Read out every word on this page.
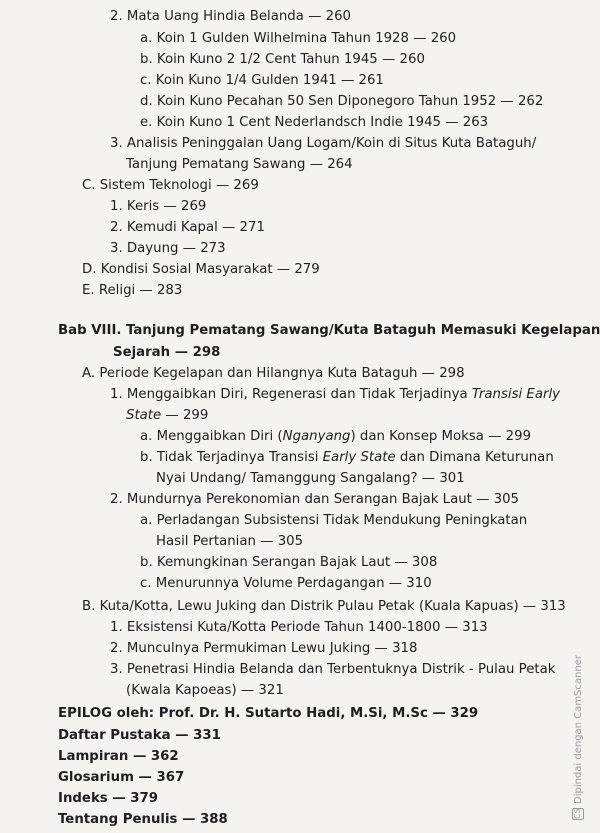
2. Mata Uang Hindia Belanda — 260
a. Koin 1 Gulden Wilhelmina Tahun 1928 — 260
b. Koin Kuno 2 1/2 Cent Tahun 1945 — 260
c. Koin Kuno 1/4 Gulden 1941 — 261
d. Koin Kuno Pecahan 50 Sen Diponegoro Tahun 1952 — 262
e. Koin Kuno 1 Cent Nederlandsch Indie 1945 — 263
3. Analisis Peninggalan Uang Logam/Koin di Situs Kuta Bataguh/
Tanjung Pematang Sawang — 264
C. Sistem Teknologi — 269
1. Keris — 269
2. Kemudi Kapal — 271
3. Dayung — 273
D. Kondisi Sosial Masyarakat — 279
E. Religi — 283
Bab VIII. Tanjung Pematang Sawang/Kuta Bataguh Memasuki Kegelapan
Sejarah — 298
A. Periode Kegelapan dan Hilangnya Kuta Bataguh — 298
1. Menggaibkan Diri, Regenerasi dan Tidak Terjadinya Transisi Early
State — 299
a. Menggaibkan Diri (Nganyang) dan Konsep Moksa — 299
b. Tidak Terjadinya Transisi Early State dan Dimana Keturunan
Nyai Undang/ Tamanggung Sangalang? — 301
2. Mundurnya Perekonomian dan Serangan Bajak Laut — 305
a. Perladangan Subsistensi Tidak Mendukung Peningkatan
Hasil Pertanian — 305
b. Kemungkinan Serangan Bajak Laut — 308
c. Menurunnya Volume Perdagangan — 310
B. Kuta/Kotta, Lewu Juking dan Distrik Pulau Petak (Kuala Kapuas) — 313
1. Eksistensi Kuta/Kotta Periode Tahun 1400-1800 — 313
2. Munculnya Permukiman Lewu Juking — 318
3. Penetrasi Hindia Belanda dan Terbentuknya Distrik - Pulau Petak
(Kwala Kapoeas) — 321
EPILOG oleh: Prof. Dr. H. Sutarto Hadi, M.Si, M.Sc — 329
Daftar Pustaka — 331
Lampiran — 362
Glosarium — 367
Indeks — 379
Tentang Penulis — 388	CS
Dipindai dengan CamScanner
